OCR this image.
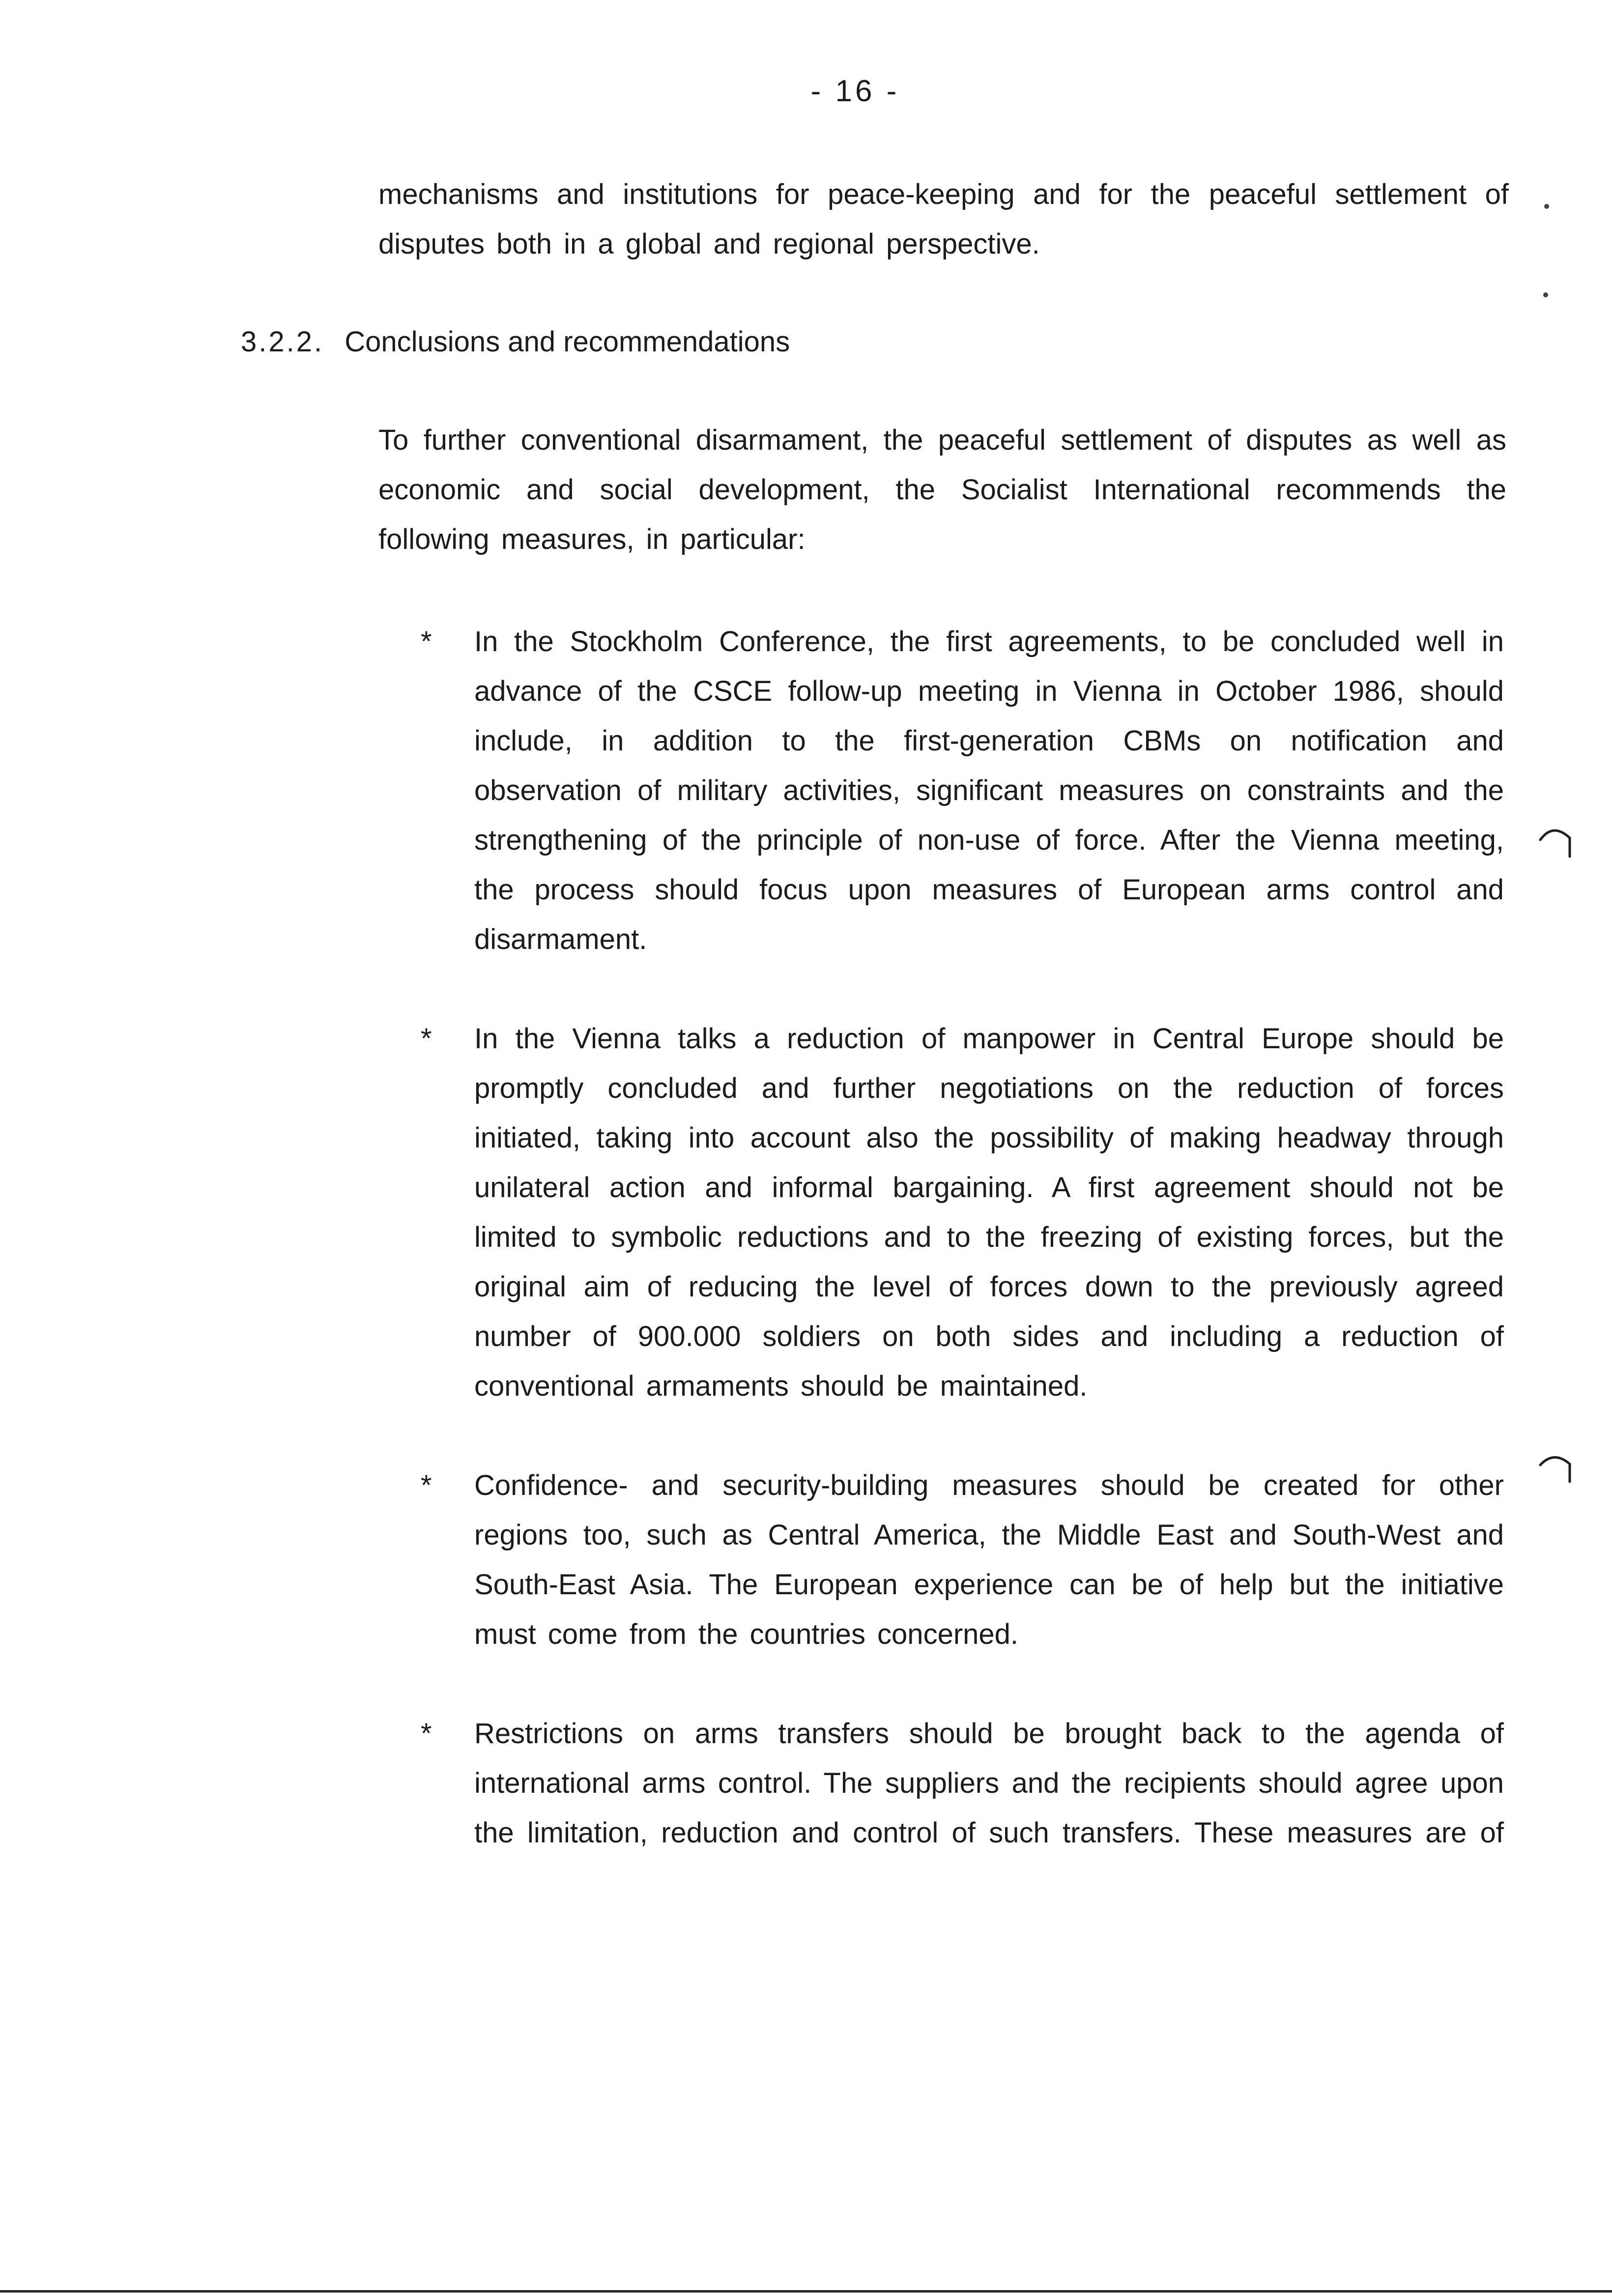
- 16 -

mechanisms and institutions for peace-keeping and for the peaceful settlement of disputes both in a global and regional perspective.

3.2.2. Conclusions and recommendations

To further conventional disarmament, the peaceful settlement of disputes as well as economic and social development, the Socialist International recommends the following measures, in particular:

* In the Stockholm Conference, the first agreements, to be concluded well in advance of the CSCE follow-up meeting in Vienna in October 1986, should include, in addition to the first-generation CBMs on notification and observation of military activities, significant measures on constraints and the strengthening of the principle of non-use of force. After the Vienna meeting, the process should focus upon measures of European arms control and disarmament.
* In the Vienna talks a reduction of manpower in Central Europe should be promptly concluded and further negotiations on the reduction of forces initiated, taking into account also the possibility of making headway through unilateral action and informal bargaining. A first agreement should not be limited to symbolic reductions and to the freezing of existing forces, but the original aim of reducing the level of forces down to the previously agreed number of 900.000 soldiers on both sides and including a reduction of conventional armaments should be maintained.
* Confidence- and security-building measures should be created for other regions too, such as Central America, the Middle East and South-West and South-East Asia. The European experience can be of help but the initiative must come from the countries concerned.
* Restrictions on arms transfers should be brought back to the agenda of international arms control. The suppliers and the recipients should agree upon the limitation, reduction and control of such transfers. These measures are of
